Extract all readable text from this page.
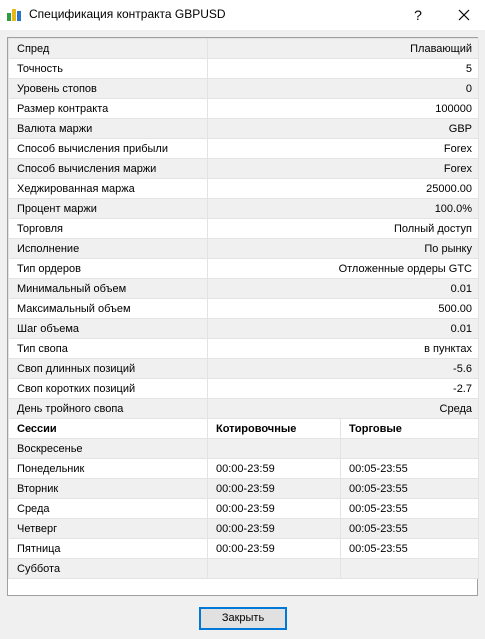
Спецификация контракта GBPUSD	?
Спред	Плавающий	
Точность	5	
Уровень стопов	0	
Размер контракта	100000	
Валюта маржи	GBP	
Способ вычисления прибыли	Forex	
Способ вычисления маржи	Forex	
Хеджированная маржа	25000.00	
Процент маржи	100.0%	
Торговля	Полный доступ	
Исполнение	По рынку	
Тип ордеров	Отложенные ордеры GTC	
Минимальный объем	0.01	
Максимальный объем	500.00	
Шаг объема	0.01	
Тип свопа	в пунктах	
Своп длинных позиций	-5.6	
Своп коротких позиций	-2.7	
День тройного свопа	Среда	
Сессии	Котировочные	Торговые
Воскресенье		
Понедельник	00:00-23:59	00:05-23:55
Вторник	00:00-23:59	00:05-23:55
Среда	00:00-23:59	00:05-23:55
Четверг	00:00-23:59	00:05-23:55
Пятница	00:00-23:59	00:05-23:55
Суббота		
Закрыть
